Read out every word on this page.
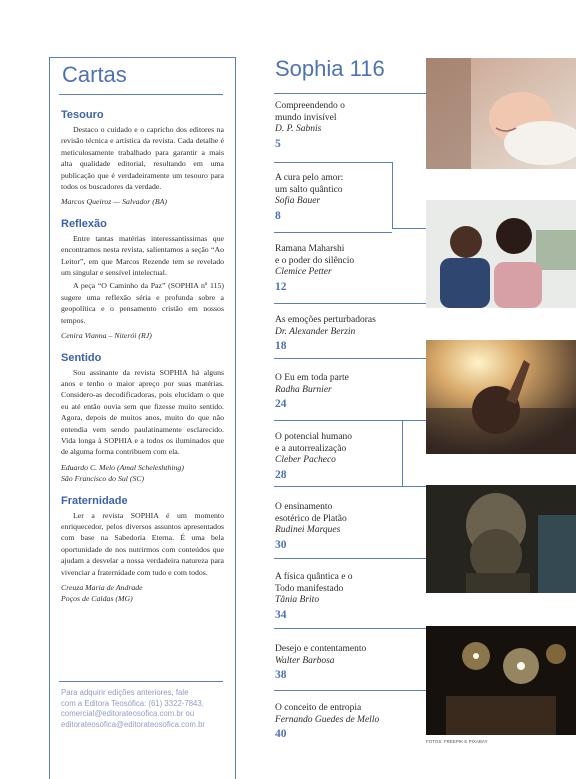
Cartas
Tesouro

Destaco o cuidado e o capricho dos editores na revisão técnica e artística da revista. Cada detalhe é meticulosamente trabalhado para garantir a mais alta qualidade editorial, resultando em uma publicação que é verdadeiramente um tesouro para todos os buscadores da verdade.

Marcos Queiroz — Salvador (BA)
Reflexão

Entre tantas matérias interessantíssimas que encontramos nesta revista, salientamos a seção “Ao Leitor”, em que Marcos Rezende tem se revelado um singular e sensível intelectual.

A peça “O Caminho da Paz” (SOPHIA nº 115) sugere uma reflexão séria e profunda sobre a geopolítica e o pensamento cristão em nossos tempos.

Cenira Vianna – Niterói (RJ)
Sentido

Sou assinante da revista SOPHIA há alguns anos e tenho o maior apreço por suas matérias. Considero-as decodificadoras, pois elucidam o que eu até então ouvia sem que fizesse muito sentido. Agora, depois de muitos anos, muito do que não entendia vem sendo paulatinamente esclarecido. Vida longa à SOPHIA e a todos os iluminados que de alguma forma contribuem com ela.

Eduardo C. Melo (Amal Scheleshthing)
São Francisco do Sul (SC)
Fraternidade

Ler a revista SOPHIA é um momento enriquecedor, pelos diversos assuntos apresentados com base na Sabedoria Eterna. É uma bela oportunidade de nos nutrirmos com conteúdos que ajudam a desvelar a nossa verdadeira natureza para vivenciar a fraternidade com tudo e com todos.

Creuza Maria de Andrade
Poços de Caldas (MG)
Para adquirir edições anteriores, fale
com a Editora Teosófica: (61) 3322-7843,
comercial@editorateosofica.com.br ou
editorateosofica@editorateosofica.com.br
Sophia 116
Compreendendo o
mundo invisível
D. P. Sabnis
5
A cura pelo amor:
um salto quântico
Sofia Bauer
8
Ramana Maharshi
e o poder do silêncio
Clemice Petter
12
As emoções perturbadoras
Dr. Alexander Berzin
18
O Eu em toda parte
Radha Burnier
24
O potencial humano
e a autorrealização
Cleber Pacheco
28
O ensinamento
esotérico de Platão
Rudinei Marques
30
A física quântica e o
Todo manifestado
Tânia Brito
34
Desejo e contentamento
Walter Barbosa
38
O conceito de entropia
Fernando Guedes de Mello
40
FOTOS: FREEPIK E PIXABAY
